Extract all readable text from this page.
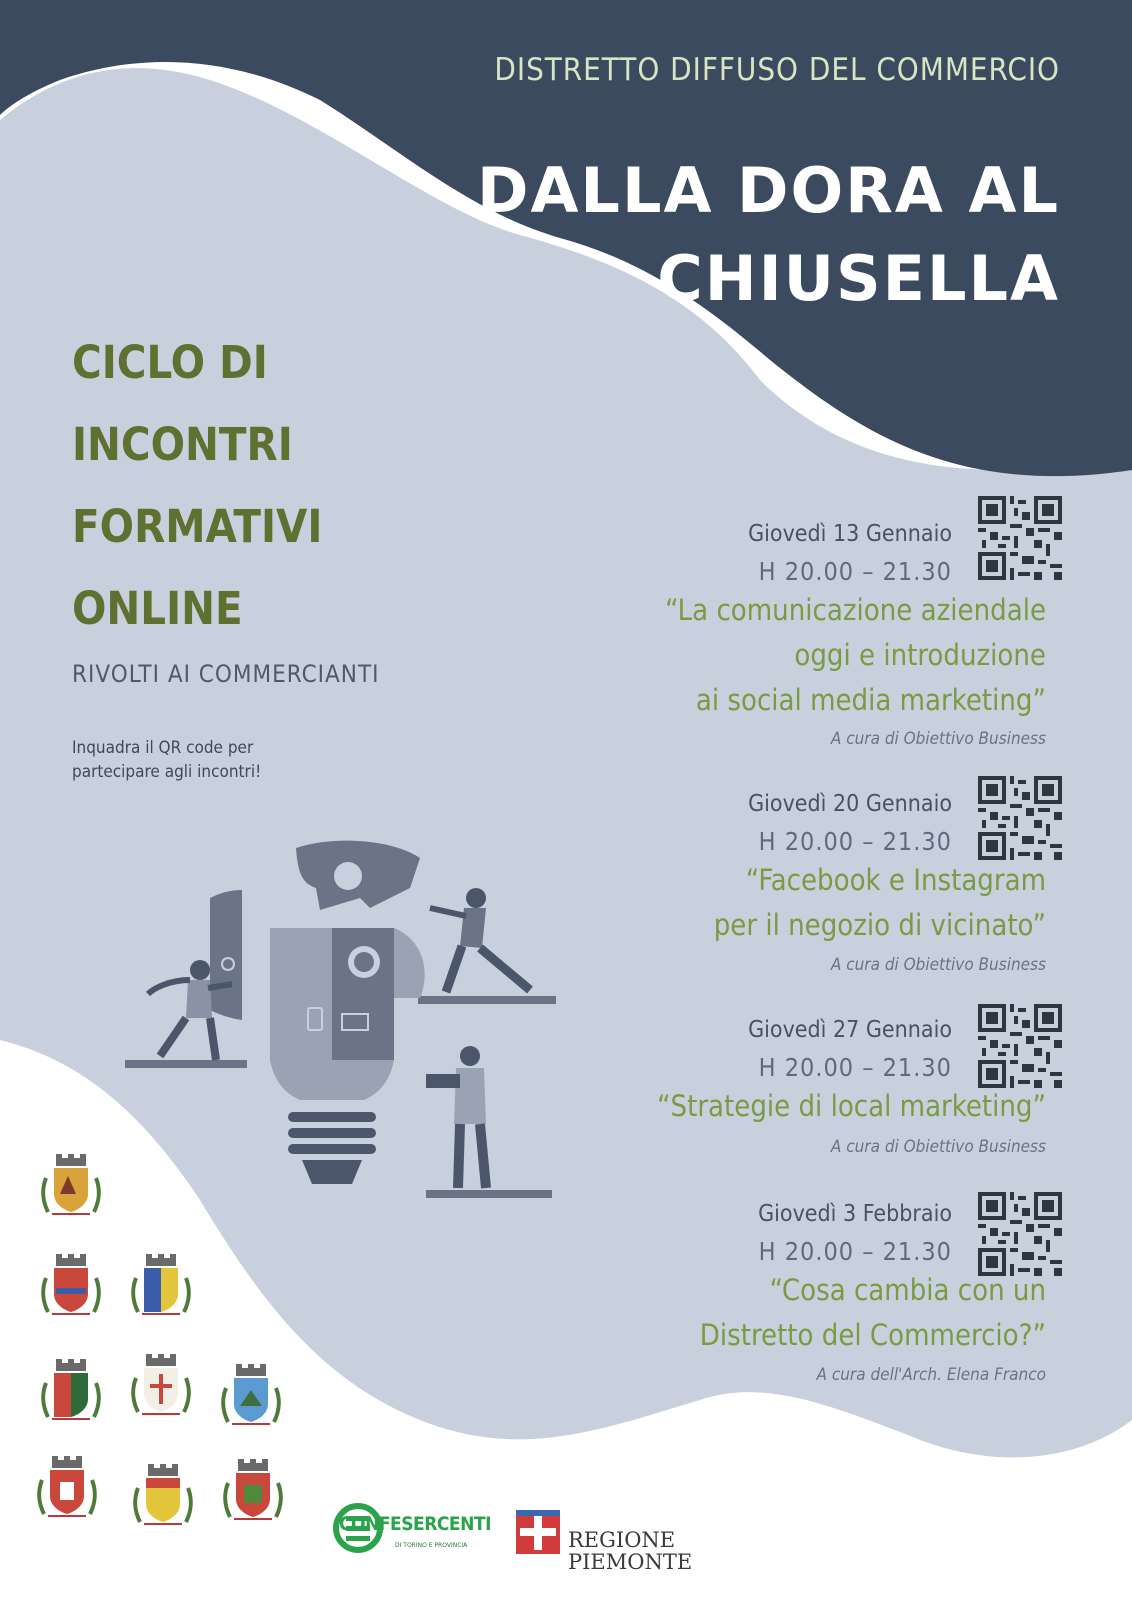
DISTRETTO DIFFUSO DEL COMMERCIO

DALLA DORA AL

CHIUSELLA

CICLO DI

INCONTRI

FORMATIVI

ONLINE

RIVOLTI AI COMMERCIANTI

Inquadra il QR code per partecipare agli incontri!

Giovedì 13 Gennaio

H 20.00 – 21.30

“La comunicazione aziendale
oggi e introduzione
ai social media marketing”

A cura di Obiettivo Business

Giovedì 20 Gennaio

H 20.00 – 21.30

“Facebook e Instagram
per il negozio di vicinato”

A cura di Obiettivo Business

Giovedì 27 Gennaio

H 20.00 – 21.30

“Strategie di local marketing”

A cura di Obiettivo Business

Giovedì 3 Febbraio

H 20.00 – 21.30

“Cosa cambia con un
Distretto del Commercio?”

A cura dell'Arch. Elena Franco

CONFESERCENTI

DI TORINO E PROVINCIA	REGIONE

PIEMONTE
